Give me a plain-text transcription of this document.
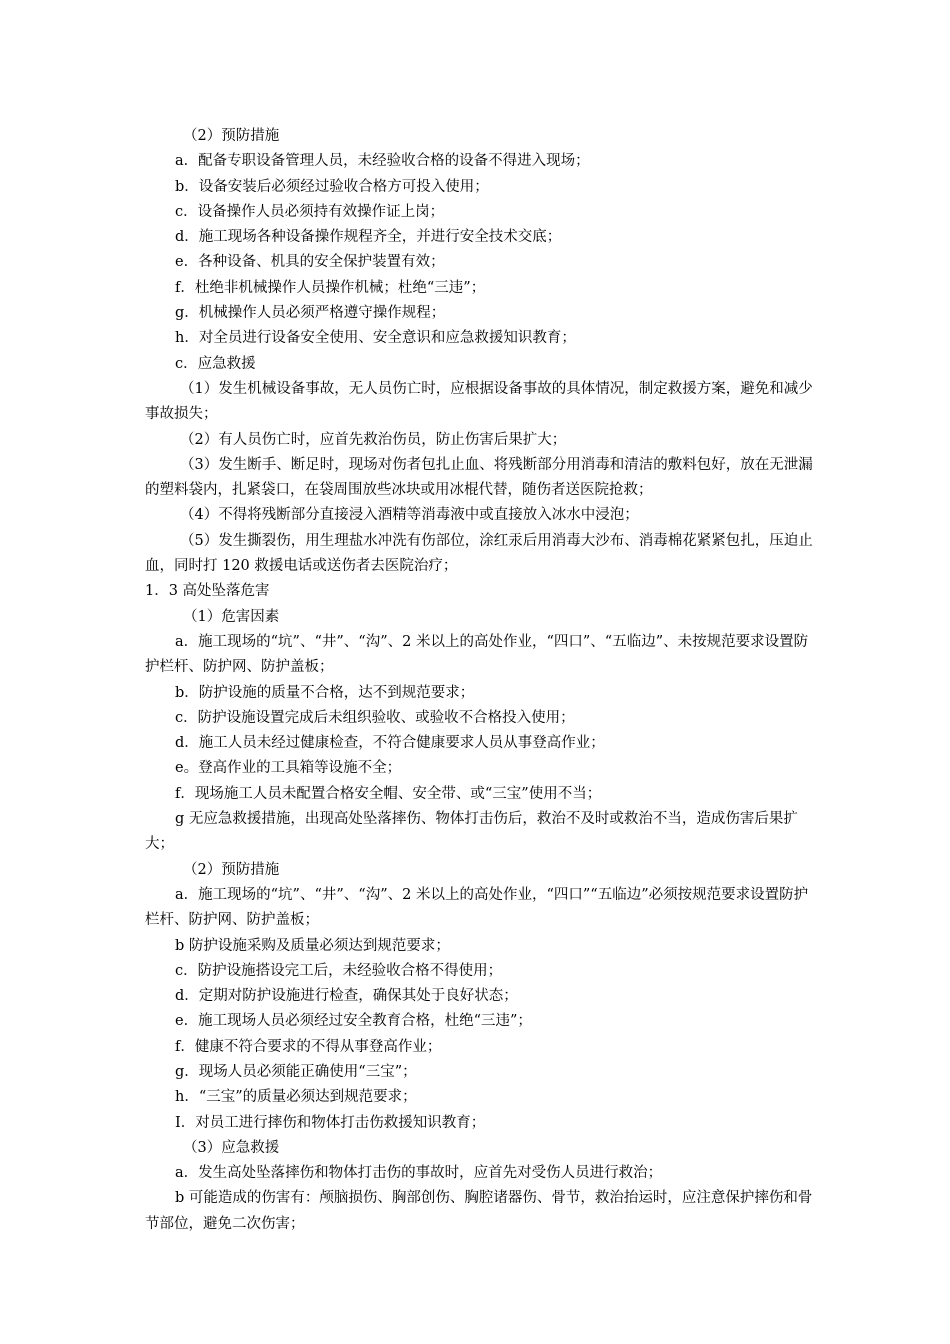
（2）预防措施

a．配备专职设备管理人员，未经验收合格的设备不得进入现场；

b．设备安装后必须经过验收合格方可投入使用；

c．设备操作人员必须持有效操作证上岗；

d．施工现场各种设备操作规程齐全，并进行安全技术交底；

e．各种设备、机具的安全保护装置有效；

f．杜绝非机械操作人员操作机械；杜绝“三违”；

g．机械操作人员必须严格遵守操作规程；

h．对全员进行设备安全使用、安全意识和应急救援知识教育；

c．应急救援

（1）发生机械设备事故，无人员伤亡时，应根据设备事故的具体情况，制定救援方案，避免和减少事故损失；

（2）有人员伤亡时，应首先救治伤员，防止伤害后果扩大；

（3）发生断手、断足时，现场对伤者包扎止血、将残断部分用消毒和清洁的敷料包好，放在无泄漏的塑料袋内，扎紧袋口，在袋周围放些冰块或用冰棍代替，随伤者送医院抢救；

（4）不得将残断部分直接浸入酒精等消毒液中或直接放入冰水中浸泡；

（5）发生撕裂伤，用生理盐水冲洗有伤部位，涂红汞后用消毒大沙布、消毒棉花紧紧包扎，压迫止血，同时打 120 救援电话或送伤者去医院治疗；

1．3 高处坠落危害

（1）危害因素

a．施工现场的“坑”、“井”、“沟”、2 米以上的高处作业，“四口”、“五临边”、未按规范要求设置防护栏杆、防护网、防护盖板；

b．防护设施的质量不合格，达不到规范要求；

c．防护设施设置完成后未组织验收、或验收不合格投入使用；

d．施工人员未经过健康检查，不符合健康要求人员从事登高作业；

e。登高作业的工具箱等设施不全；

f．现场施工人员未配置合格安全帽、安全带、或“三宝”使用不当；

g 无应急救援措施，出现高处坠落摔伤、物体打击伤后，救治不及时或救治不当，造成伤害后果扩大；

（2）预防措施

a．施工现场的“坑”、“井”、“沟”、2 米以上的高处作业，“四口”“五临边”必须按规范要求设置防护栏杆、防护网、防护盖板；

b 防护设施采购及质量必须达到规范要求；

c．防护设施搭设完工后，未经验收合格不得使用；

d．定期对防护设施进行检查，确保其处于良好状态；

e．施工现场人员必须经过安全教育合格，杜绝“三违”；

f．健康不符合要求的不得从事登高作业；

g．现场人员必须能正确使用“三宝”；

h．“三宝”的质量必须达到规范要求；

I．对员工进行摔伤和物体打击伤救援知识教育；

（3）应急救援

a．发生高处坠落摔伤和物体打击伤的事故时，应首先对受伤人员进行救治；

b 可能造成的伤害有：颅脑损伤、胸部创伤、胸腔诸器伤、骨节，救治抬运时，应注意保护摔伤和骨节部位，避免二次伤害；
